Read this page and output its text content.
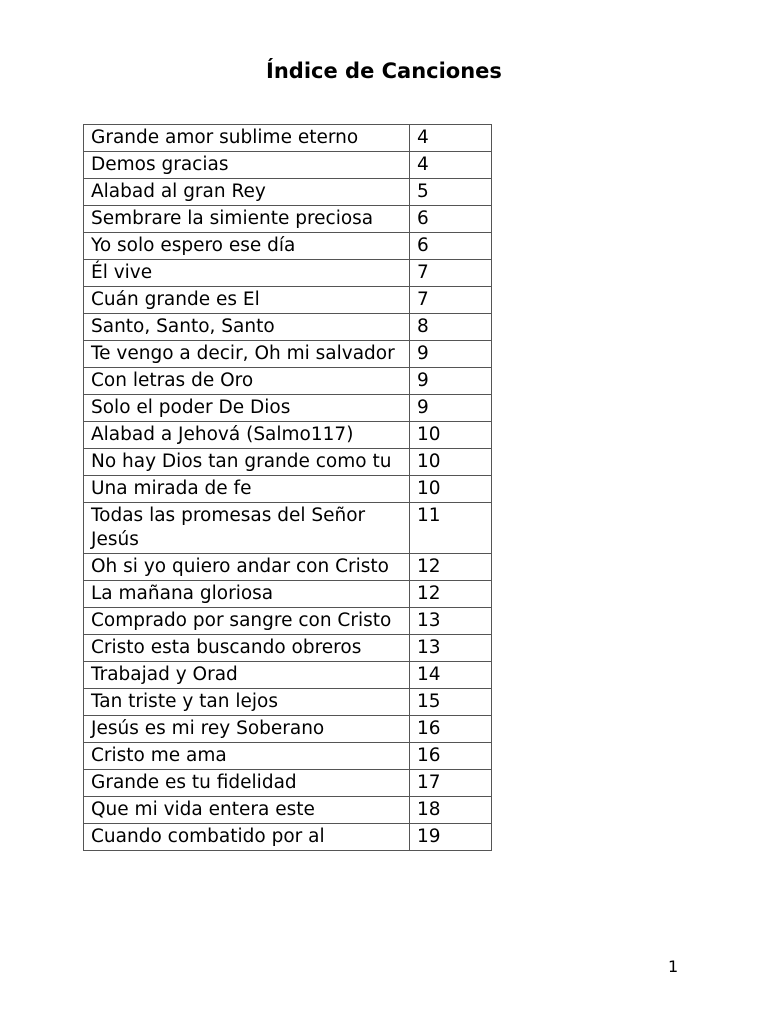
Índice de Canciones
Grande amor sublime eterno	4
Demos gracias	4
Alabad al gran Rey	5
Sembrare la simiente preciosa	6
Yo solo espero ese día	6
Él vive	7
Cuán grande es El	7
Santo, Santo, Santo	8
Te vengo a decir, Oh mi salvador	9
Con letras de Oro	9
Solo el poder De Dios	9
Alabad a Jehová (Salmo117)	10
No hay Dios tan grande como tu	10
Una mirada de fe	10
Todas las promesas del Señor Jesús	11
Oh si yo quiero andar con Cristo	12
La mañana gloriosa	12
Comprado por sangre con Cristo	13
Cristo esta buscando obreros	13
Trabajad y Orad	14
Tan triste y tan lejos	15
Jesús es mi rey Soberano	16
Cristo me ama	16
Grande es tu fidelidad	17
Que mi vida entera este	18
Cuando combatido por al	19
1
